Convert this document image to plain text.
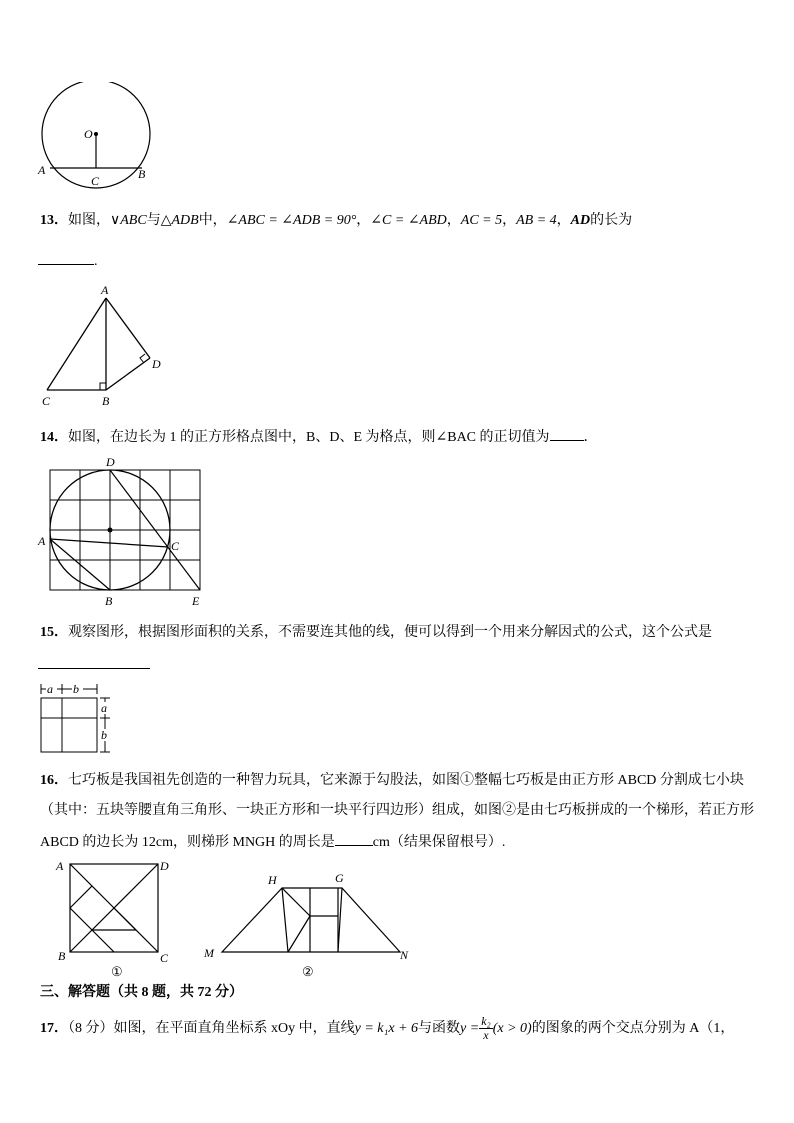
O
A
C	B
13．如图，∨ABC与△ADB中，∠ABC = ∠ADB = 90°，∠C = ∠ABD，AC = 5，AB = 4，AD的长为
.
A
C	B
D
14．如图，在边长为 1 的正方形格点图中，B、D、E 为格点，则∠BAC 的正切值为 ．
D
A	C
B	E
15．观察图形，根据图形面积的关系，不需要连其他的线，便可以得到一个用来分解因式的公式，这个公式是
a b
a
b
16．七巧板是我国祖先创造的一种智力玩具，它来源于勾股法，如图①整幅七巧板是由正方形 ABCD 分割成七小块
（其中：五块等腰直角三角形、一块正方形和一块平行四边形）组成，如图②是由七巧板拼成的一个梯形，若正方形
ABCD 的边长为 12cm，则梯形 MNGH 的周长是	cm（结果保留根号）.
A	D
B	C
①
H	G
M	N
②
三、解答题（共 8 题，共 72 分）
17．（8 分）如图，在平面直角坐标系 xOy 中，直线y = k₁x + 6与函数$y = \frac{\text{k₂}}{x} (x > 0)$的图象的两个交点分别为 A（1，
